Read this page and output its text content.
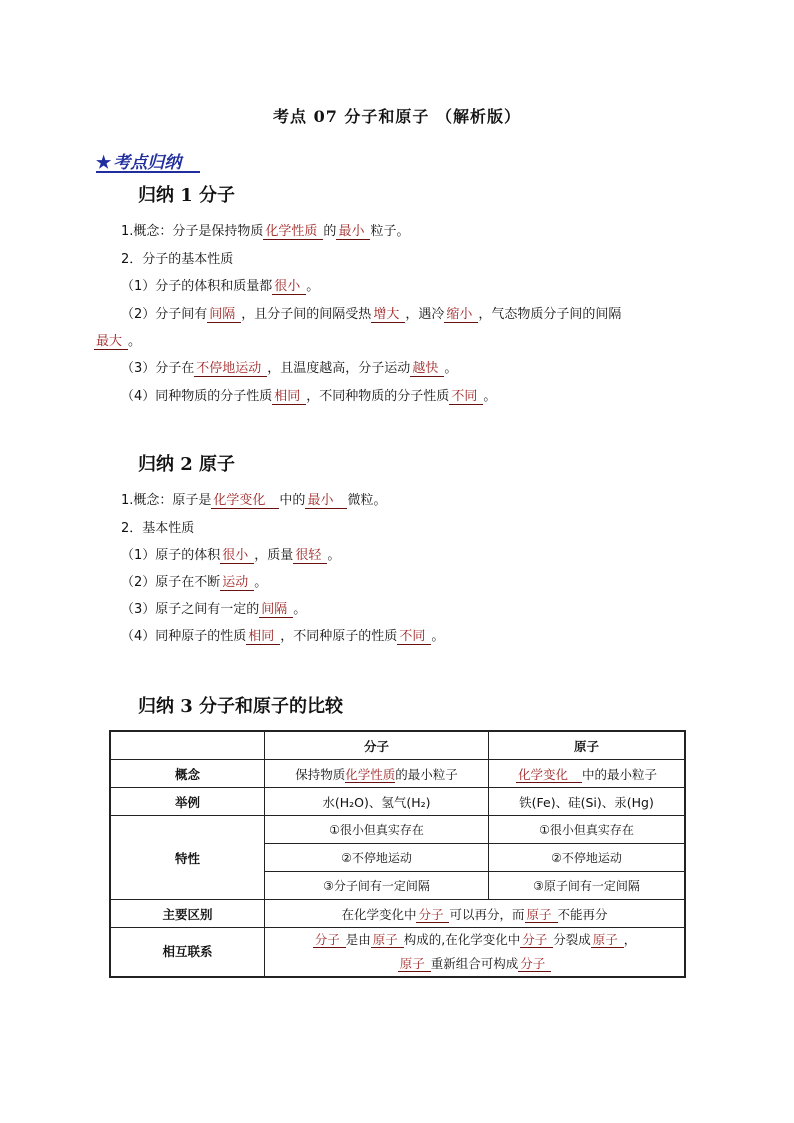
考点 07 分子和原子 （解析版）
★ 考点归纳
归纳 1 分子
1.概念：分子是保持物质 化学性质 的 最小 粒子。
2．分子的基本性质
（1）分子的体积和质量都 很小 。
（2）分子间有 间隔 ，且分子间的间隔受热 增大 ，遇冷 缩小 ，气态物质分子间的间隔
最大 。
（3）分子在 不停地运动 ，且温度越高，分子运动 越快 。
（4）同种物质的分子性质 相同 ，不同种物质的分子性质 不同 。
归纳 2 原子
1.概念：原子是 化学变化 中的 最小 微粒。
2．基本性质
（1）原子的体积 很小 ，质量 很轻 。
（2）原子在不断 运动 。
（3）原子之间有一定的 间隔 。
（4）同种原子的性质 相同 ，不同种原子的性质 不同 。
归纳 3 分子和原子的比较
	分子	原子
概念	保持物质化学性质的最小粒子	化学变化 中的最小粒子
举例	水(H₂O)、氢气(H₂)	铁(Fe)、硅(Si)、汞(Hg)
特性	①很小但真实存在	①很小但真实存在
	②不停地运动	②不停地运动
	③分子间有一定间隔	③原子间有一定间隔
主要区别	在化学变化中 分子 可以再分，而 原子 不能再分	
相互联系	分子 是由 原子 构成的,在化学变化中 分子 分裂成 原子 ，
原子 重新组合可构成 分子	
